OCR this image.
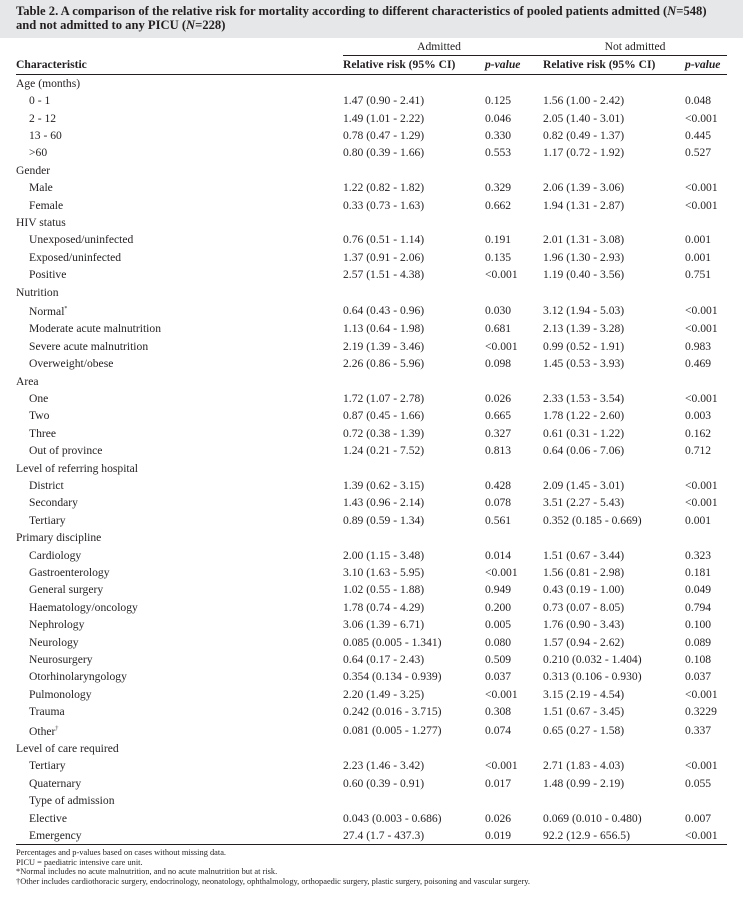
Table 2. A comparison of the relative risk for mortality according to different characteristics of pooled patients admitted (N=548)
and not admitted to any PICU (N=228)
	Admitted		Not admitted	
Characteristic	Relative risk (95% CI)	p-value	Relative risk (95% CI)	p-value
Age (months)				
0 - 1	1.47 (0.90 - 2.41)	0.125	1.56 (1.00 - 2.42)	0.048
2 - 12	1.49 (1.01 - 2.22)	0.046	2.05 (1.40 - 3.01)	<0.001
13 - 60	0.78 (0.47 - 1.29)	0.330	0.82 (0.49 - 1.37)	0.445
>60	0.80 (0.39 - 1.66)	0.553	1.17 (0.72 - 1.92)	0.527
Gender				
Male	1.22 (0.82 - 1.82)	0.329	2.06 (1.39 - 3.06)	<0.001
Female	0.33 (0.73 - 1.63)	0.662	1.94 (1.31 - 2.87)	<0.001
HIV status				
Unexposed/uninfected	0.76 (0.51 - 1.14)	0.191	2.01 (1.31 - 3.08)	0.001
Exposed/uninfected	1.37 (0.91 - 2.06)	0.135	1.96 (1.30 - 2.93)	0.001
Positive	2.57 (1.51 - 4.38)	<0.001	1.19 (0.40 - 3.56)	0.751
Nutrition				
Normal*	0.64 (0.43 - 0.96)	0.030	3.12 (1.94 - 5.03)	<0.001
Moderate acute malnutrition	1.13 (0.64 - 1.98)	0.681	2.13 (1.39 - 3.28)	<0.001
Severe acute malnutrition	2.19 (1.39 - 3.46)	<0.001	0.99 (0.52 - 1.91)	0.983
Overweight/obese	2.26 (0.86 - 5.96)	0.098	1.45 (0.53 - 3.93)	0.469
Area				
One	1.72 (1.07 - 2.78)	0.026	2.33 (1.53 - 3.54)	<0.001
Two	0.87 (0.45 - 1.66)	0.665	1.78 (1.22 - 2.60)	0.003
Three	0.72 (0.38 - 1.39)	0.327	0.61 (0.31 - 1.22)	0.162
Out of province	1.24 (0.21 - 7.52)	0.813	0.64 (0.06 - 7.06)	0.712
Level of referring hospital				
District	1.39 (0.62 - 3.15)	0.428	2.09 (1.45 - 3.01)	<0.001
Secondary	1.43 (0.96 - 2.14)	0.078	3.51 (2.27 - 5.43)	<0.001
Tertiary	0.89 (0.59 - 1.34)	0.561	0.352 (0.185 - 0.669)	0.001
Primary discipline				
Cardiology	2.00 (1.15 - 3.48)	0.014	1.51 (0.67 - 3.44)	0.323
Gastroenterology	3.10 (1.63 - 5.95)	<0.001	1.56 (0.81 - 2.98)	0.181
General surgery	1.02 (0.55 - 1.88)	0.949	0.43 (0.19 - 1.00)	0.049
Haematology/oncology	1.78 (0.74 - 4.29)	0.200	0.73 (0.07 - 8.05)	0.794
Nephrology	3.06 (1.39 - 6.71)	0.005	1.76 (0.90 - 3.43)	0.100
Neurology	0.085 (0.005 - 1.341)	0.080	1.57 (0.94 - 2.62)	0.089
Neurosurgery	0.64 (0.17 - 2.43)	0.509	0.210 (0.032 - 1.404)	0.108
Otorhinolaryngology	0.354 (0.134 - 0.939)	0.037	0.313 (0.106 - 0.930)	0.037
Pulmonology	2.20 (1.49 - 3.25)	<0.001	3.15 (2.19 - 4.54)	<0.001
Trauma	0.242 (0.016 - 3.715)	0.308	1.51 (0.67 - 3.45)	0.3229
Other†	0.081 (0.005 - 1.277)	0.074	0.65 (0.27 - 1.58)	0.337
Level of care required				
Tertiary	2.23 (1.46 - 3.42)	<0.001	2.71 (1.83 - 4.03)	<0.001
Quaternary	0.60 (0.39 - 0.91)	0.017	1.48 (0.99 - 2.19)	0.055
Type of admission				
Elective	0.043 (0.003 - 0.686)	0.026	0.069 (0.010 - 0.480)	0.007
Emergency	27.4 (1.7 - 437.3)	0.019	92.2 (12.9 - 656.5)	<0.001
Percentages and p-values based on cases without missing data.
PICU = paediatric intensive care unit.
*Normal includes no acute malnutrition, and no acute malnutrition but at risk.
†Other includes cardiothoracic surgery, endocrinology, neonatology, ophthalmology, orthopaedic surgery, plastic surgery, poisoning and vascular surgery.
